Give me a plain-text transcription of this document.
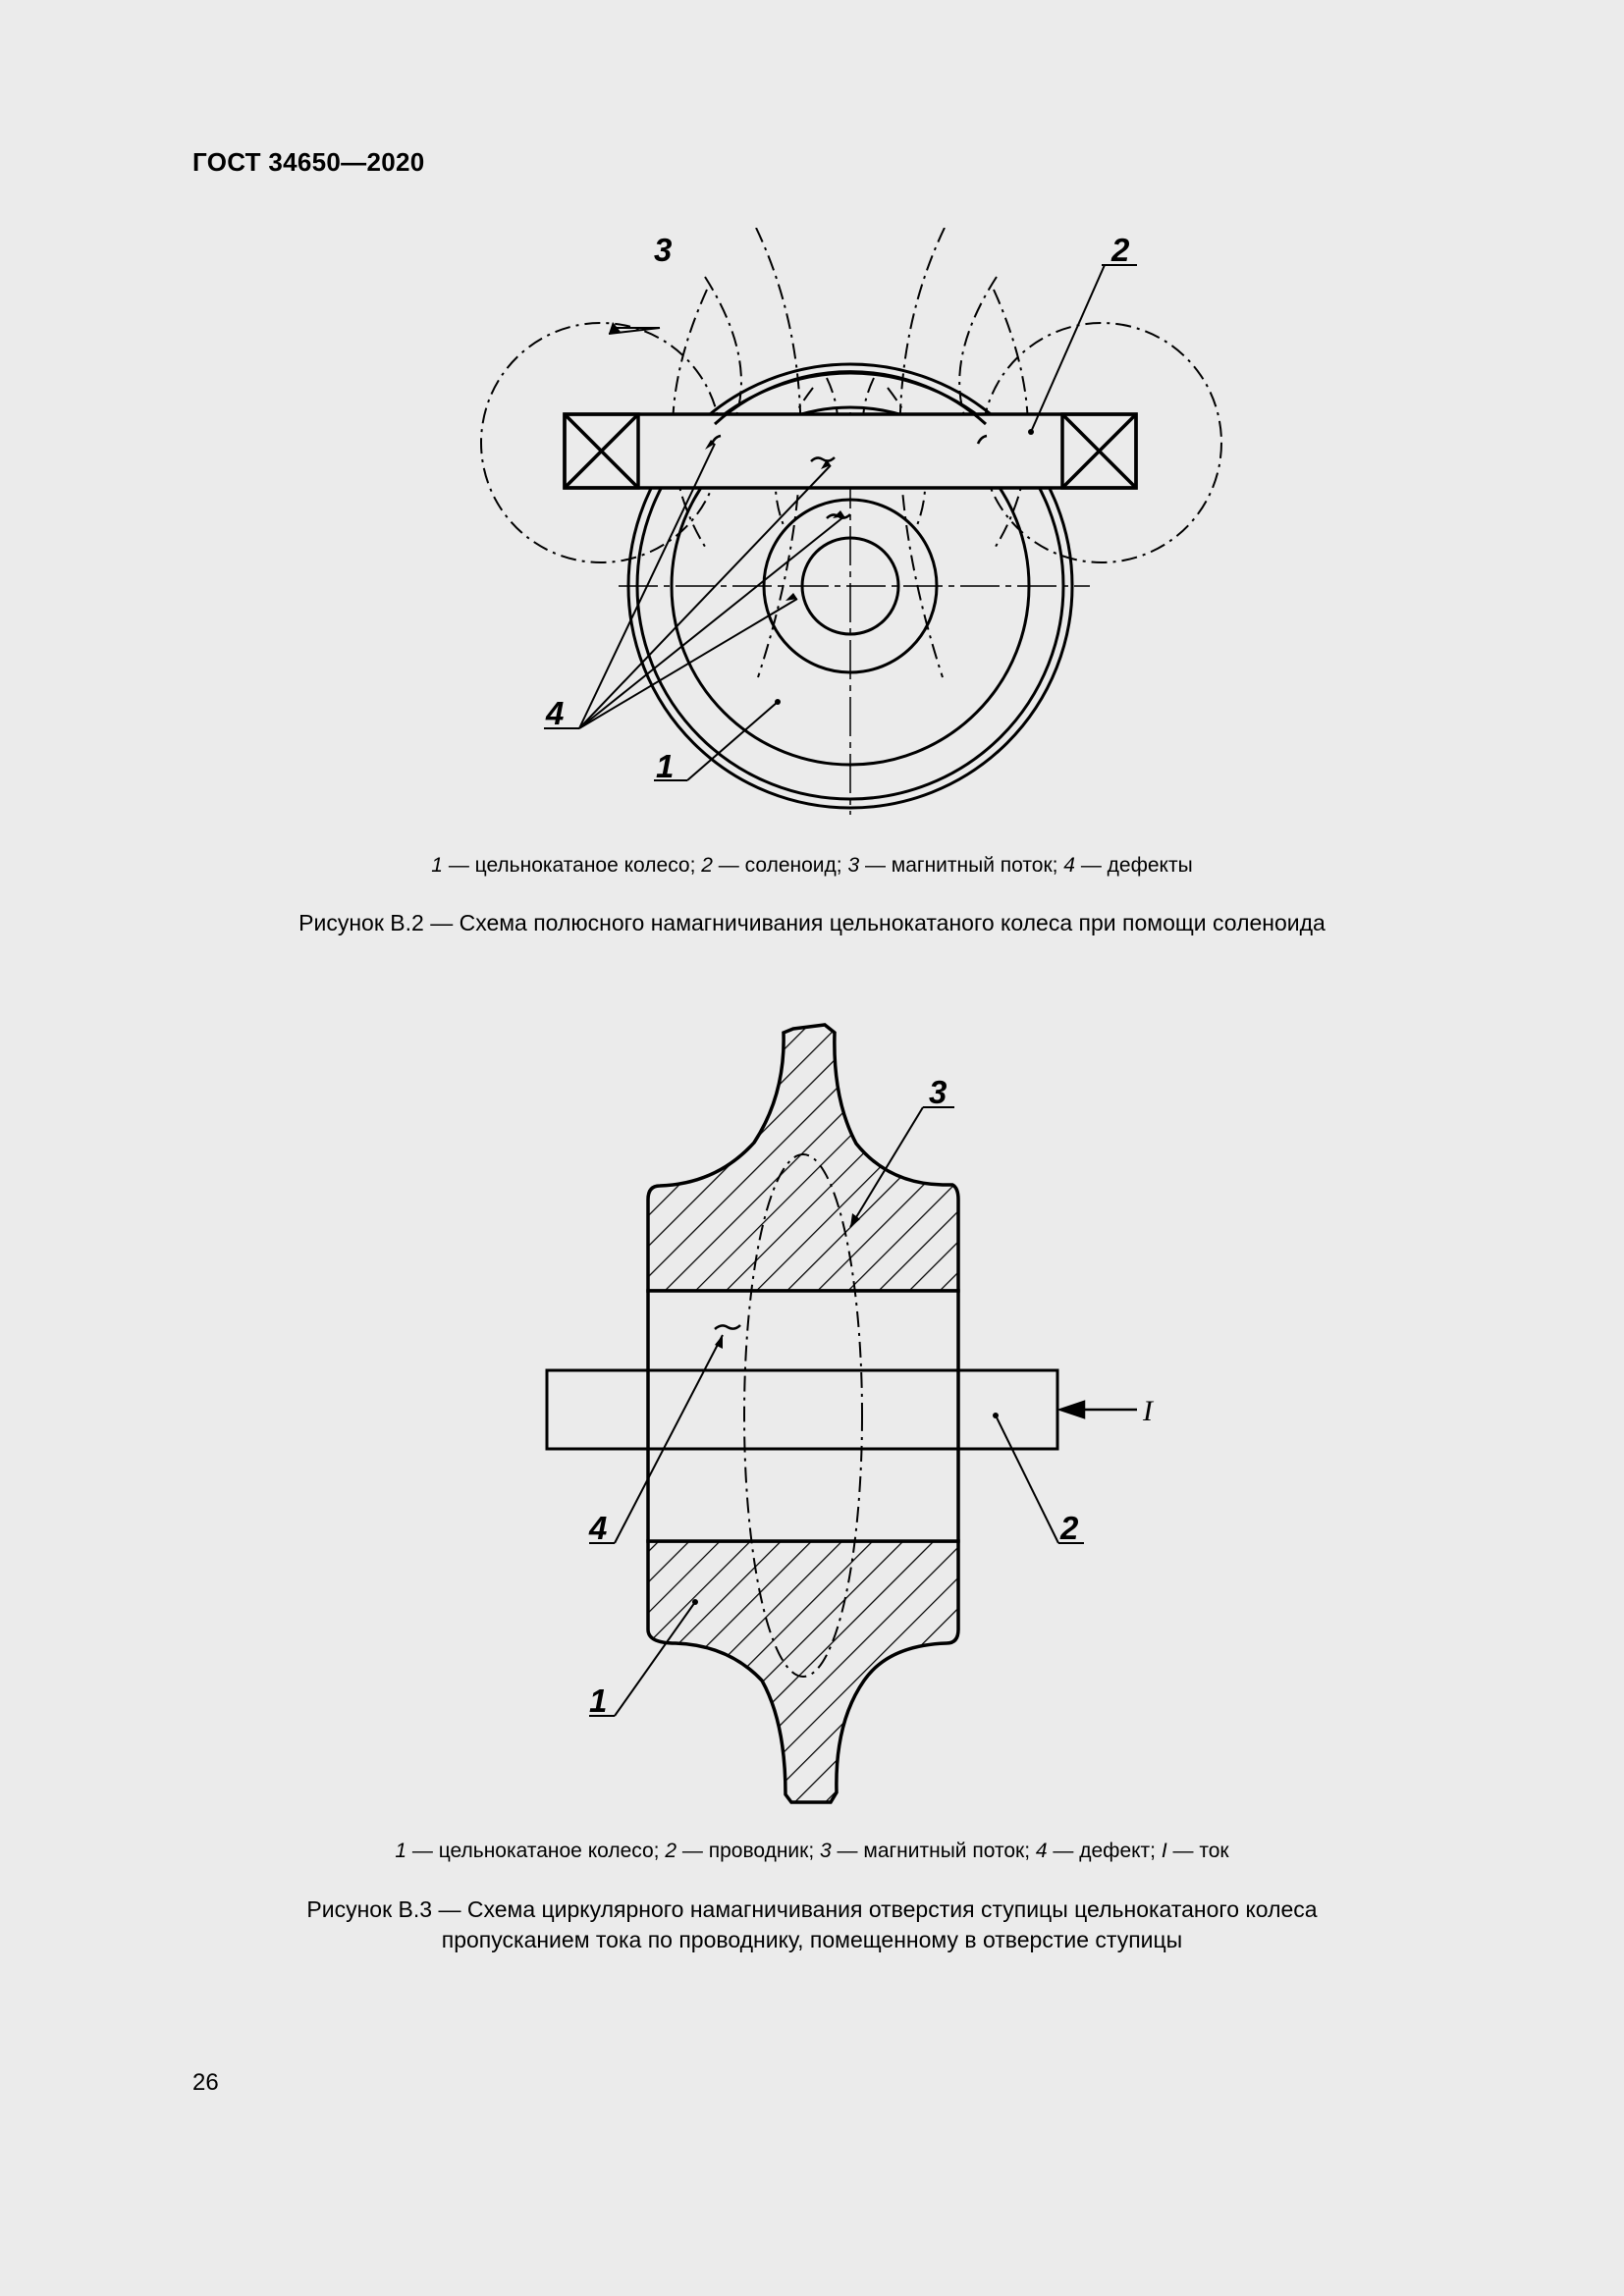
ГОСТ 34650—2020
3	2
4
1
1 — цельнокатаное колесо; 2 — соленоид; 3 — магнитный поток; 4 — дефекты
Рисунок В.2 — Схема полюсного намагничивания цельнокатаного колеса при помощи соленоида
3
4	2
1
I
1 — цельнокатаное колесо; 2 — проводник; 3 — магнитный поток; 4 — дефект; I — ток
Рисунок В.3 — Схема циркулярного намагничивания отверстия ступицы цельнокатаного колеса
пропусканием тока по проводнику, помещенному в отверстие ступицы
26
